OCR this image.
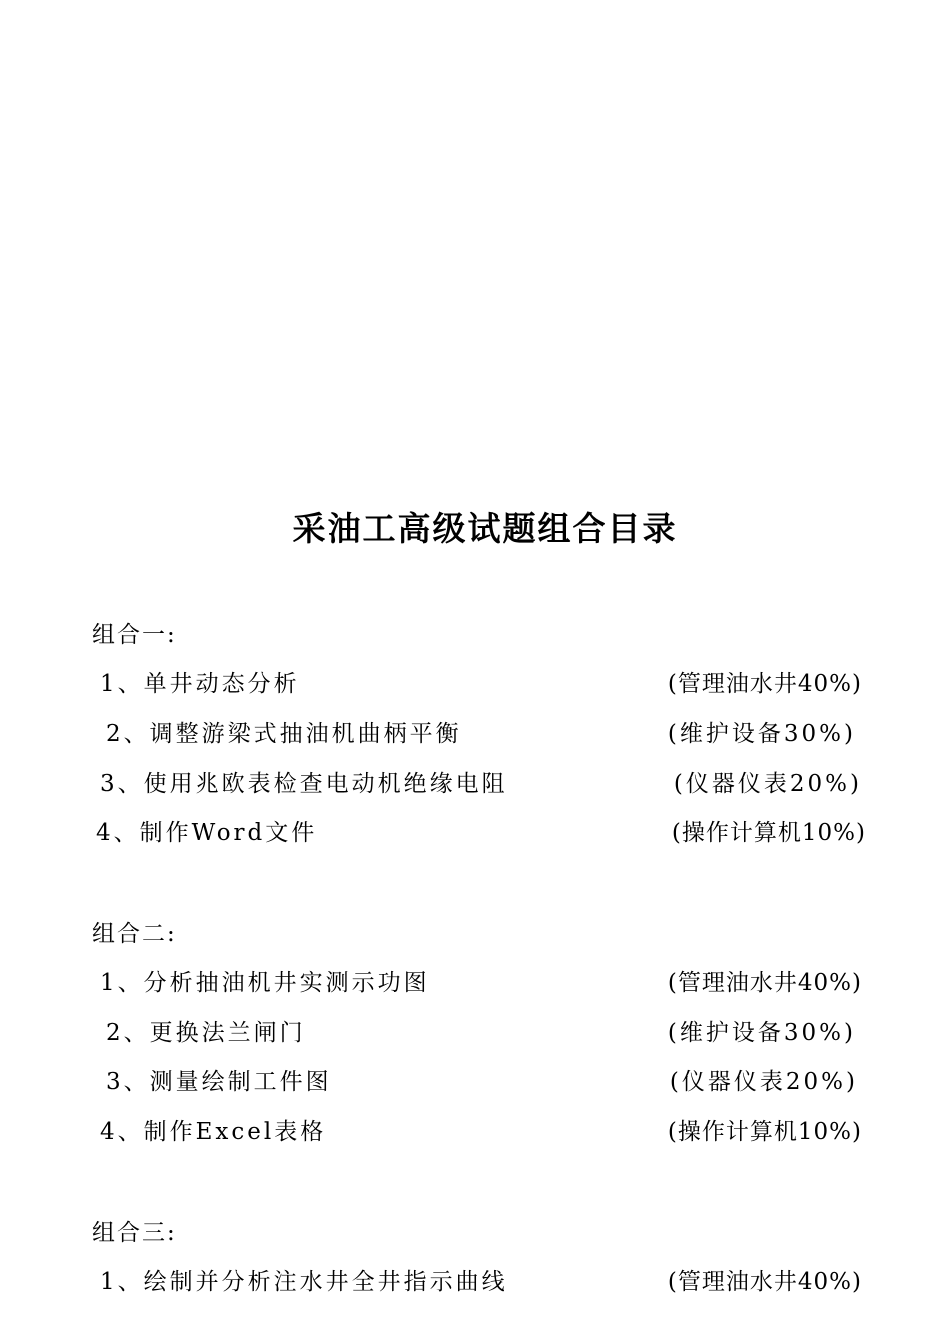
采油工高级试题组合目录
组合一:
1、单井动态分析	(管理油水井40%)
2、调整游梁式抽油机曲柄平衡	(维护设备30%)
3、使用兆欧表检查电动机绝缘电阻	(仪器仪表20%)
4、制作Word文件	(操作计算机10%)
组合二:
1、分析抽油机井实测示功图	(管理油水井40%)
2、更换法兰闸门	(维护设备30%)
3、测量绘制工件图	(仪器仪表20%)
4、制作Excel表格	(操作计算机10%)
组合三:
1、绘制并分析注水井全井指示曲线	(管理油水井40%)
